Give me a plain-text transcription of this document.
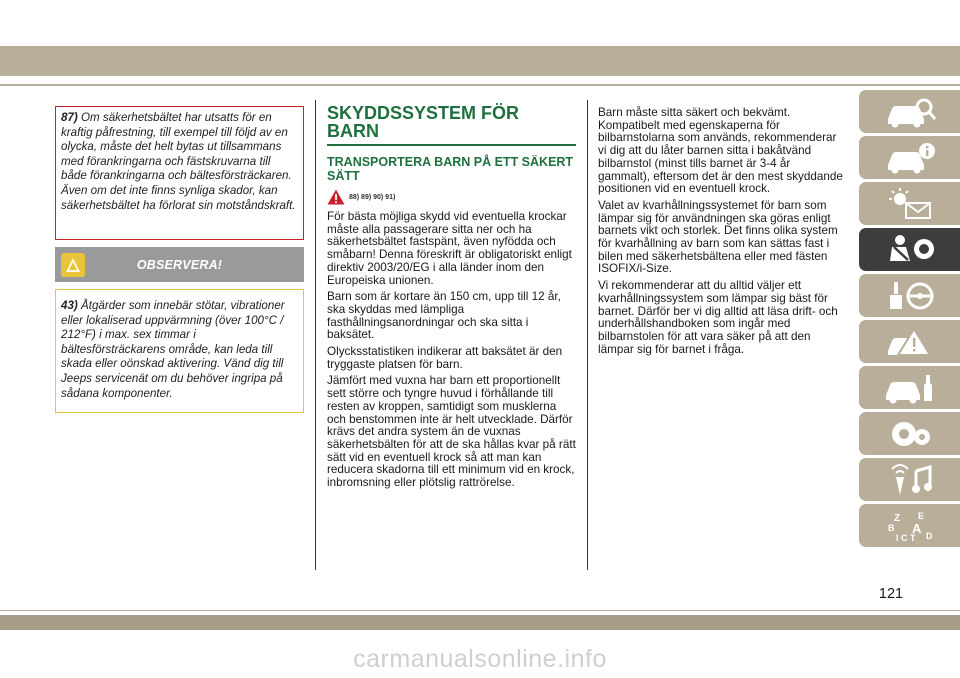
87) Om säkerhetsbältet har utsatts för en kraftig påfrestning, till exempel till följd av en olycka, måste det helt bytas ut tillsammans med förankringarna och fästskruvarna till både förankringarna och bältesförsträckaren. Även om det inte finns synliga skador, kan säkerhetsbältet ha förlorat sin motståndskraft.
OBSERVERA!
43) Åtgärder som innebär stötar, vibrationer eller lokaliserad uppvärmning (över 100°C / 212°F) i max. sex timmar i bältesförsträckarens område, kan leda till skada eller oönskad aktivering. Vänd dig till Jeeps servicenät om du behöver ingripa på sådana komponenter.
SKYDDSSYSTEM FÖR BARN
TRANSPORTERA BARN PÅ ETT SÄKERT SÄTT
88) 89) 90) 91)

För bästa möjliga skydd vid eventuella krockar måste alla passagerare sitta ner och ha säkerhetsbältet fastspänt, även nyfödda och småbarn! Denna föreskrift är obligatoriskt enligt direktiv 2003/20/EG i alla länder inom den Europeiska unionen.

Barn som är kortare än 150 cm, upp till 12 år, ska skyddas med lämpliga fasthållningsanordningar och ska sitta i baksätet.

Olycksstatistiken indikerar att baksätet är den tryggaste platsen för barn.

Jämfört med vuxna har barn ett proportionellt sett större och tyngre huvud i förhållande till resten av kroppen, samtidigt som musklerna och benstommen inte är helt utvecklade. Därför krävs det andra system än de vuxnas säkerhetsbälten för att de ska hållas kvar på rätt sätt vid en eventuell krock så att man kan reducera skadorna till ett minimum vid en krock, inbromsning eller plötslig rattrörelse.

Barn måste sitta säkert och bekvämt. Kompatibelt med egenskaperna för bilbarnstolarna som används, rekommenderar vi dig att du låter barnen sitta i bakåtvänd bilbarnstol (minst tills barnet är 3-4 år gammalt), eftersom det är den mest skyddande positionen vid en eventuell krock.

Valet av kvarhållningssystemet för barn som lämpar sig för användningen ska göras enligt barnets vikt och storlek. Det finns olika system för kvarhållning av barn som kan sättas fast i bilen med säkerhetsbältena eller med fästen ISOFIX/i-Size.

Vi rekommenderar att du alltid väljer ett kvarhållningssystem som lämpar sig bäst för barnet. Därför ber vi dig alltid att läsa drift- och underhållshandboken som ingår med bilbarnstolen för att vara säker på att den lämpar sig för barnet i fråga.

Z E
B A
I C T D
121
carmanualsonline.info
